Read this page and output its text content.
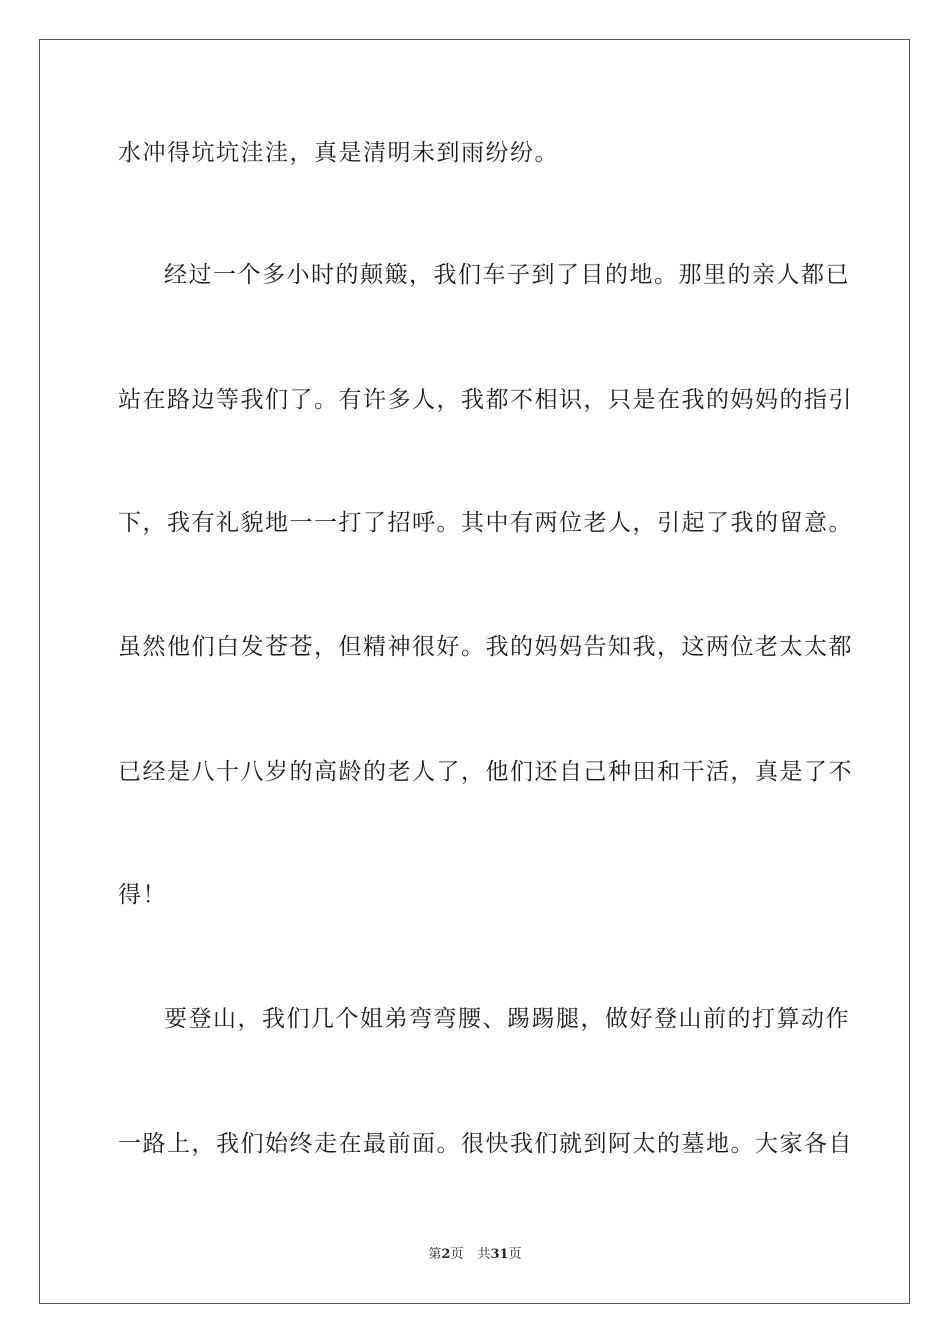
水冲得坑坑洼洼，真是清明未到雨纷纷。
经过一个多小时的颠簸，我们车子到了目的地。那里的亲人都已
站在路边等我们了。有许多人，我都不相识，只是在我的妈妈的指引
下，我有礼貌地一一打了招呼。其中有两位老人，引起了我的留意。
虽然他们白发苍苍，但精神很好。我的妈妈告知我，这两位老太太都
已经是八十八岁的高龄的老人了，他们还自己种田和干活，真是了不
得！
要登山，我们几个姐弟弯弯腰、踢踢腿，做好登山前的打算动作
一路上，我们始终走在最前面。很快我们就到阿太的墓地。大家各自
第2页 共31页
